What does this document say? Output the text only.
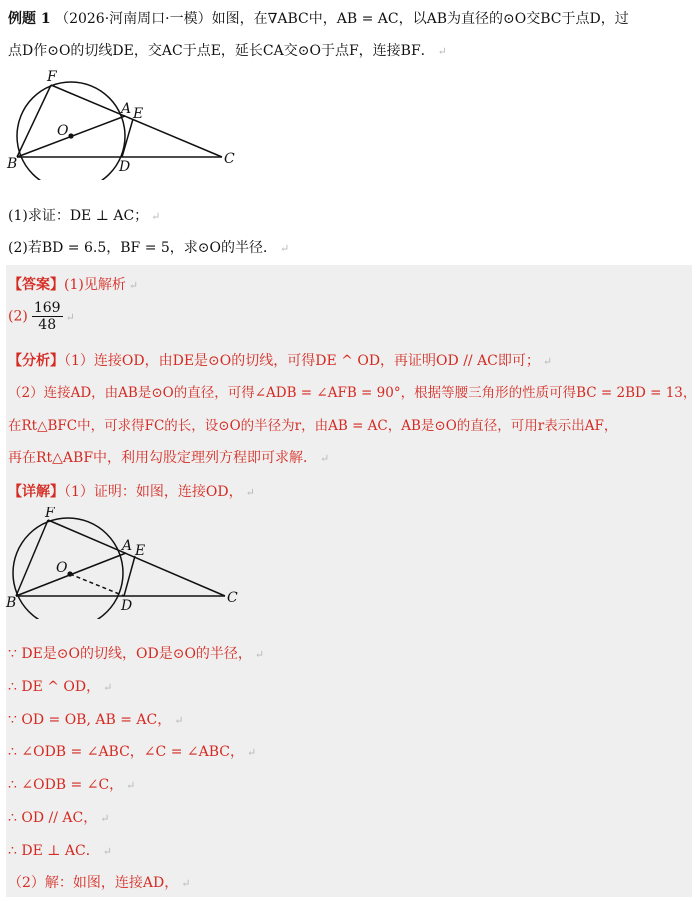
例题 1 （2026·河南周口·一模）如图，在∇ABC中，AB = AC，以AB为直径的⊙O交BC于点D，过
点D作⊙O的切线DE，交AC于点E，延长CA交⊙O于点F，连接BF． ↵
F
A E
O
B	D	C
(1)求证：DE ⊥ AC； ↵
(2)若BD = 6.5，BF = 5，求⊙O的半径． ↵
【答案】(1)见解析 ↵
$(2) \frac{169}{48}$ ↵
【分析】（1）连接OD，由DE是⊙O的切线，可得DE ^ OD，再证明OD // AC即可； ↵
（2）连接AD，由AB是⊙O的直径，可得∠ADB = ∠AFB = 90°，根据等腰三角形的性质可得BC = 2BD = 13，
在Rt△BFC中，可求得FC的长，设⊙O的半径为r，由AB = AC，AB是⊙O的直径，可用r表示出AF，
再在Rt△ABF中，利用勾股定理列方程即可求解． ↵
【详解】（1）证明：如图，连接OD， ↵
F
A E
O
B	D	C
∵ DE是⊙O的切线，OD是⊙O的半径， ↵
∴ DE ^ OD， ↵
∵ OD = OB, AB = AC， ↵
∴ ∠ODB = ∠ABC，∠C = ∠ABC， ↵
∴ ∠ODB = ∠C， ↵
∴ OD // AC， ↵
∴ DE ⊥ AC． ↵
（2）解：如图，连接AD， ↵
